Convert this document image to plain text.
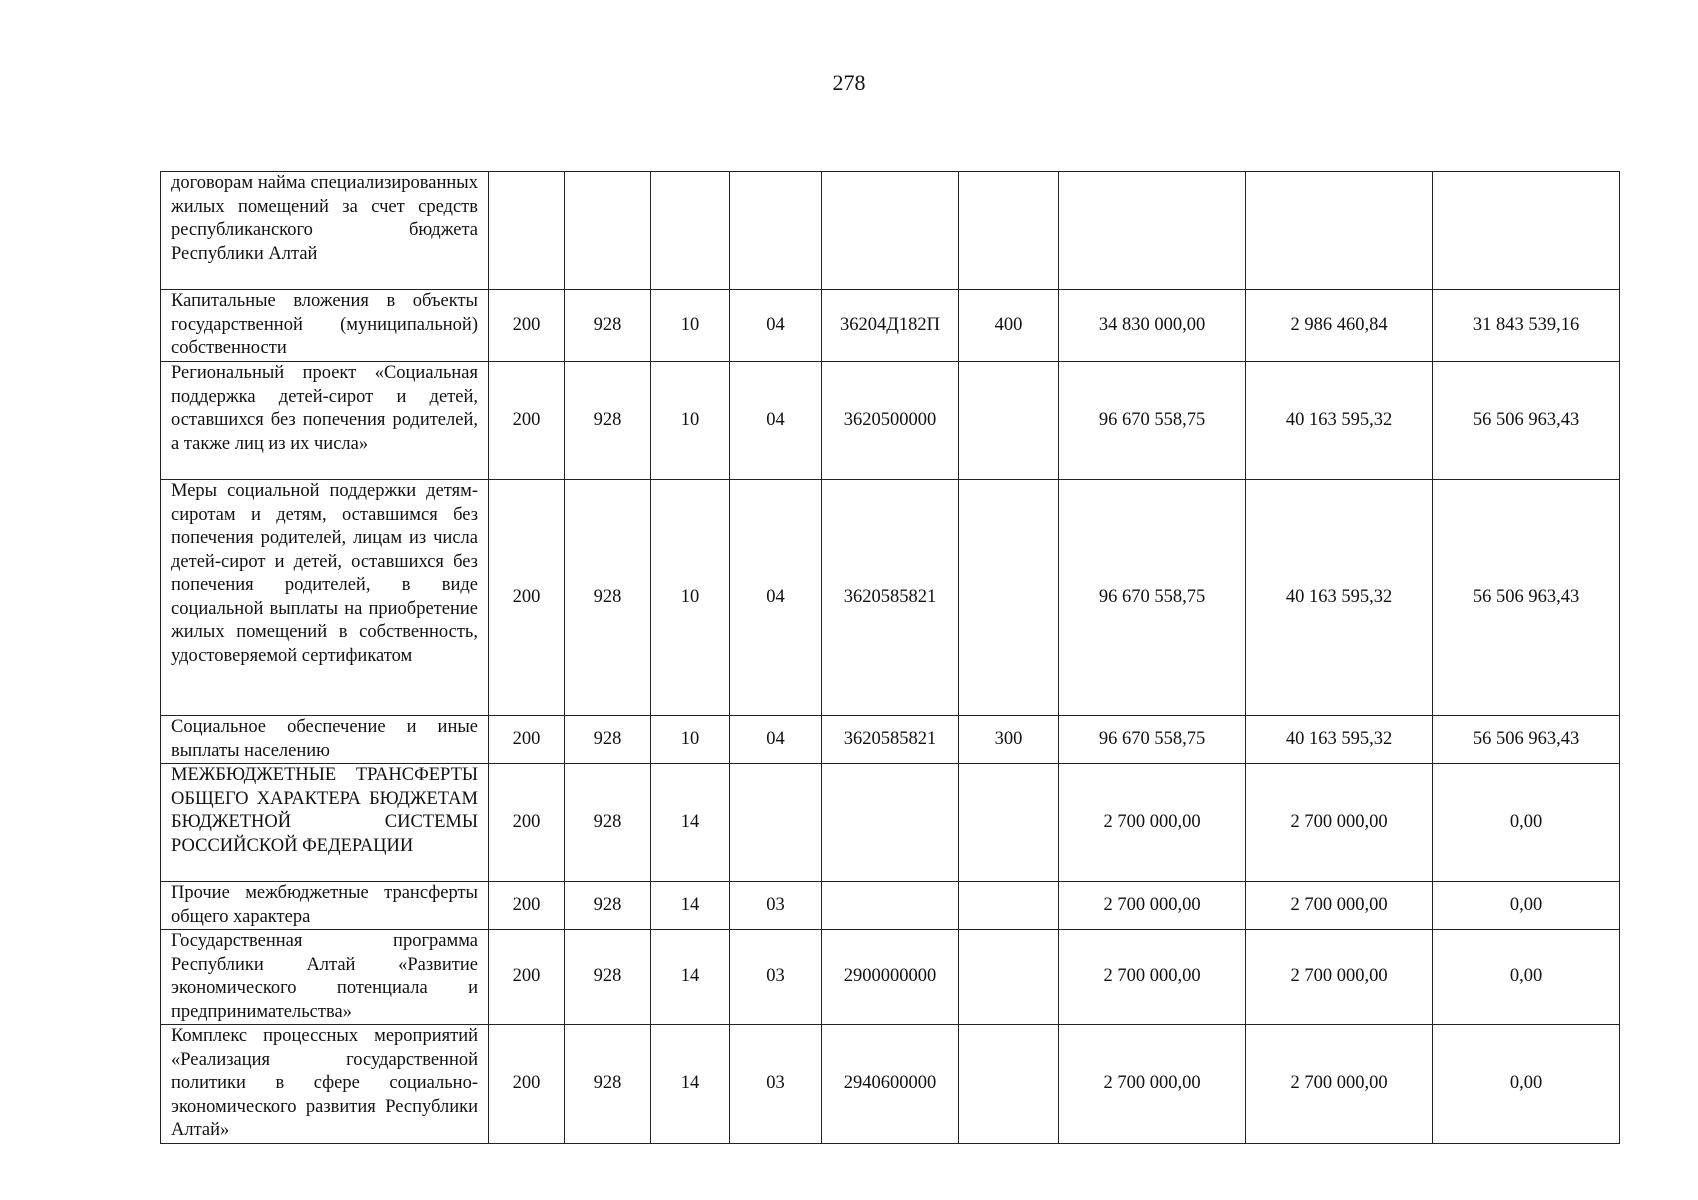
278
договорам найма специализированных жилых помещений за счет средств республиканского бюджета Республики Алтай									
Капитальные вложения в объекты государственной (муниципальной) собственности	200	928	10	04	36204Д182П	400	34 830 000,00	2 986 460,84	31 843 539,16
Региональный проект «Социальная поддержка детей-сирот и детей, оставшихся без попечения родителей, а также лиц из их числа»	200	928	10	04	3620500000		96 670 558,75	40 163 595,32	56 506 963,43
Меры социальной поддержки детям-сиротам и детям, оставшимся без попечения родителей, лицам из числа детей-сирот и детей, оставшихся без попечения родителей, в виде социальной выплаты на приобретение жилых помещений в собственность, удостоверяемой сертификатом	200	928	10	04	3620585821		96 670 558,75	40 163 595,32	56 506 963,43
Социальное обеспечение и иные выплаты населению	200	928	10	04	3620585821	300	96 670 558,75	40 163 595,32	56 506 963,43
МЕЖБЮДЖЕТНЫЕ ТРАНСФЕРТЫ ОБЩЕГО ХАРАКТЕРА БЮДЖЕТАМ БЮДЖЕТНОЙ СИСТЕМЫ РОССИЙСКОЙ ФЕДЕРАЦИИ	200	928	14				2 700 000,00	2 700 000,00	0,00
Прочие межбюджетные трансферты общего характера	200	928	14	03			2 700 000,00	2 700 000,00	0,00
Государственная программа Республики Алтай «Развитие экономического потенциала и предпринимательства»	200	928	14	03	2900000000		2 700 000,00	2 700 000,00	0,00
Комплекс процессных мероприятий «Реализация государственной политики в сфере социально-экономического развития Республики Алтай»	200	928	14	03	2940600000		2 700 000,00	2 700 000,00	0,00
